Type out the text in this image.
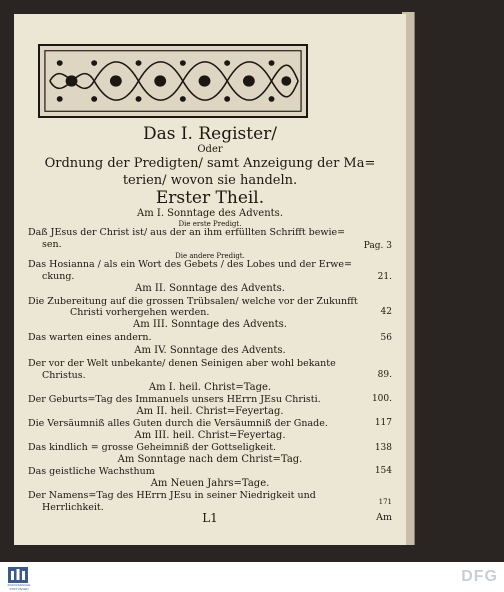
Das I. Register/
Oder
Ordnung der Predigten/ samt Anzeigung der Ma=
terien/ wovon sie handeln.
Erster Theil.
Am I. Sonntage des Advents.
Die erste Predigt.
Daß JEsus der Christ ist/ aus der an ihm erfüllten Schrifft bewie=
sen.	Pag. 3
Die andere Predigt.
Das Hosianna / als ein Wort des Gebets / des Lobes und der Erwe=
ckung.	21.
Am II. Sonntage des Advents.
Die Zubereitung auf die grossen Trübsalen/ welche vor der Zukunfft
Christi vorhergehen werden.	42
Am III. Sonntage des Advents.
Das warten eines andern.	56
Am IV. Sonntage des Advents.
Der vor der Welt unbekante/ denen Seinigen aber wohl bekante
Christus.	89.
Am I. heil. Christ=Tage.
Der Geburts=Tag des Immanuels unsers HErrn JEsu Christi.	100.
Am II. heil. Christ=Feyertag.
Die Versäumniß alles Guten durch die Versäumniß der Gnade.	117
Am III. heil. Christ=Feyertag.
Das kindlich = grosse Geheimniß der Gottseligkeit.	138
Am Sonntage nach dem Christ=Tag.
Das geistliche Wachsthum	154
Am Neuen Jahrs=Tage.
Der Namens=Tag des HErrn JEsu in seiner Niedrigkeit und
Herrlichkeit.	171
L1	Am
FRANCKESCHE STIFTUNGEN
DFG
